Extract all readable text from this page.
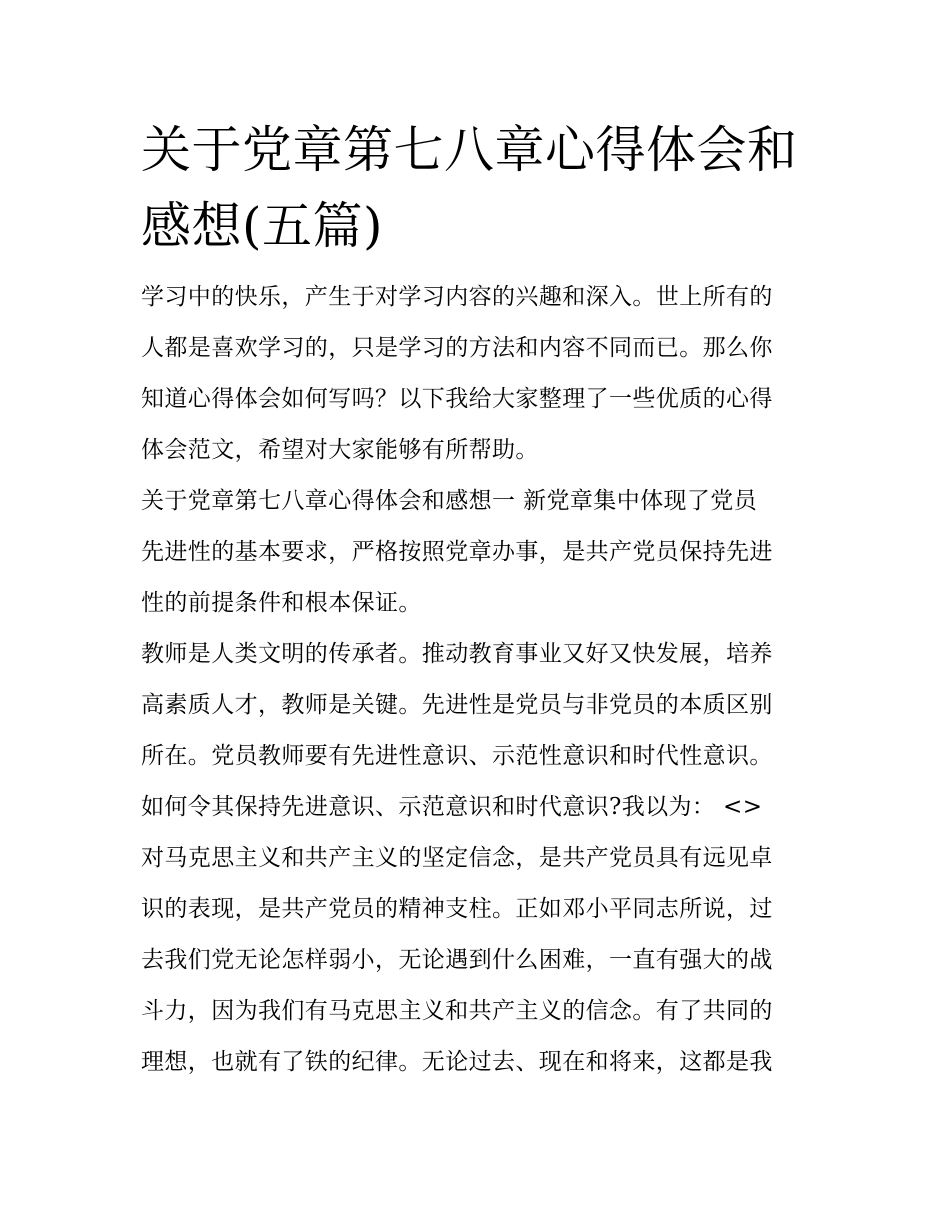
关于党章第七八章心得体会和
感想(五篇)

学习中的快乐，产生于对学习内容的兴趣和深入。世上所有的
人都是喜欢学习的，只是学习的方法和内容不同而已。那么你
知道心得体会如何写吗？以下我给大家整理了一些优质的心得
体会范文，希望对大家能够有所帮助。

关于党章第七八章心得体会和感想一 新党章集中体现了党员
先进性的基本要求，严格按照党章办事，是共产党员保持先进
性的前提条件和根本保证。

教师是人类文明的传承者。推动教育事业又好又快发展，培养
高素质人才，教师是关键。先进性是党员与非党员的本质区别
所在。党员教师要有先进性意识、示范性意识和时代性意识。
如何令其保持先进意识、示范意识和时代意识?我以为： <>

对马克思主义和共产主义的坚定信念，是共产党员具有远见卓
识的表现，是共产党员的精神支柱。正如邓小平同志所说，过
去我们党无论怎样弱小，无论遇到什么困难，一直有强大的战
斗力，因为我们有马克思主义和共产主义的信念。有了共同的
理想，也就有了铁的纪律。无论过去、现在和将来，这都是我
